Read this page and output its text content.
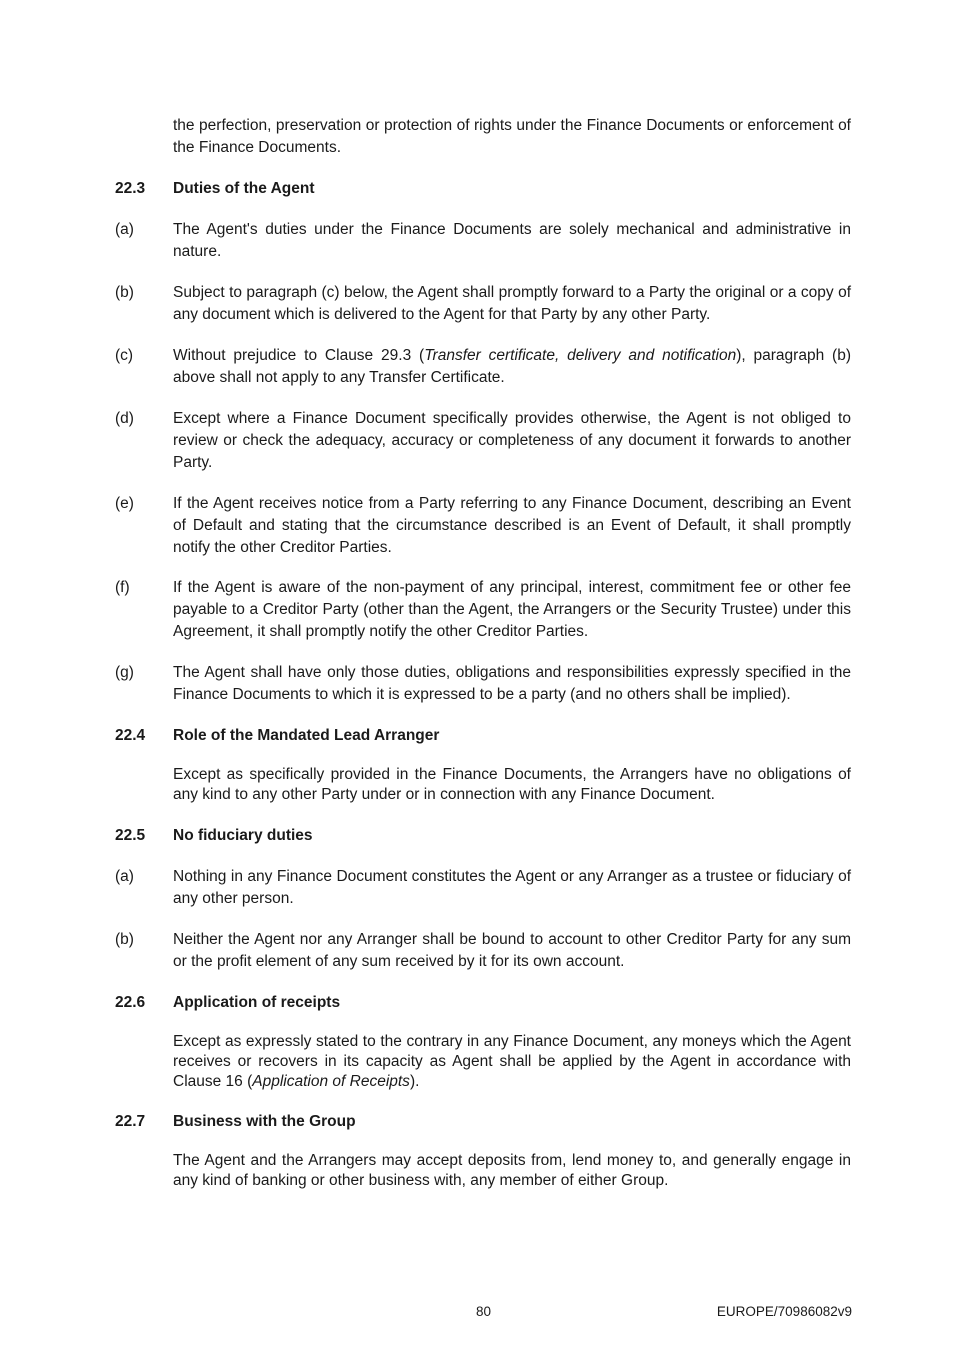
the perfection, preservation or protection of rights under the Finance Documents or enforcement of the Finance Documents.
22.3 Duties of the Agent
(a)	The Agent's duties under the Finance Documents are solely mechanical and administrative in nature.
(b)	Subject to paragraph (c) below, the Agent shall promptly forward to a Party the original or a copy of any document which is delivered to the Agent for that Party by any other Party.
(c)	Without prejudice to Clause 29.3 (Transfer certificate, delivery and notification), paragraph (b) above shall not apply to any Transfer Certificate.
(d)	Except where a Finance Document specifically provides otherwise, the Agent is not obliged to review or check the adequacy, accuracy or completeness of any document it forwards to another Party.
(e)	If the Agent receives notice from a Party referring to any Finance Document, describing an Event of Default and stating that the circumstance described is an Event of Default, it shall promptly notify the other Creditor Parties.
(f)	If the Agent is aware of the non-payment of any principal, interest, commitment fee or other fee payable to a Creditor Party (other than the Agent, the Arrangers or the Security Trustee) under this Agreement, it shall promptly notify the other Creditor Parties.
(g)	The Agent shall have only those duties, obligations and responsibilities expressly specified in the Finance Documents to which it is expressed to be a party (and no others shall be implied).
22.4 Role of the Mandated Lead Arranger
Except as specifically provided in the Finance Documents, the Arrangers have no obligations of any kind to any other Party under or in connection with any Finance Document.
22.5 No fiduciary duties
(a)	Nothing in any Finance Document constitutes the Agent or any Arranger as a trustee or fiduciary of any other person.
(b)	Neither the Agent nor any Arranger shall be bound to account to other Creditor Party for any sum or the profit element of any sum received by it for its own account.
22.6 Application of receipts
Except as expressly stated to the contrary in any Finance Document, any moneys which the Agent receives or recovers in its capacity as Agent shall be applied by the Agent in accordance with Clause 16 (Application of Receipts).
22.7 Business with the Group
The Agent and the Arrangers may accept deposits from, lend money to, and generally engage in any kind of banking or other business with, any member of either Group.
80	EUROPE/70986082v9
